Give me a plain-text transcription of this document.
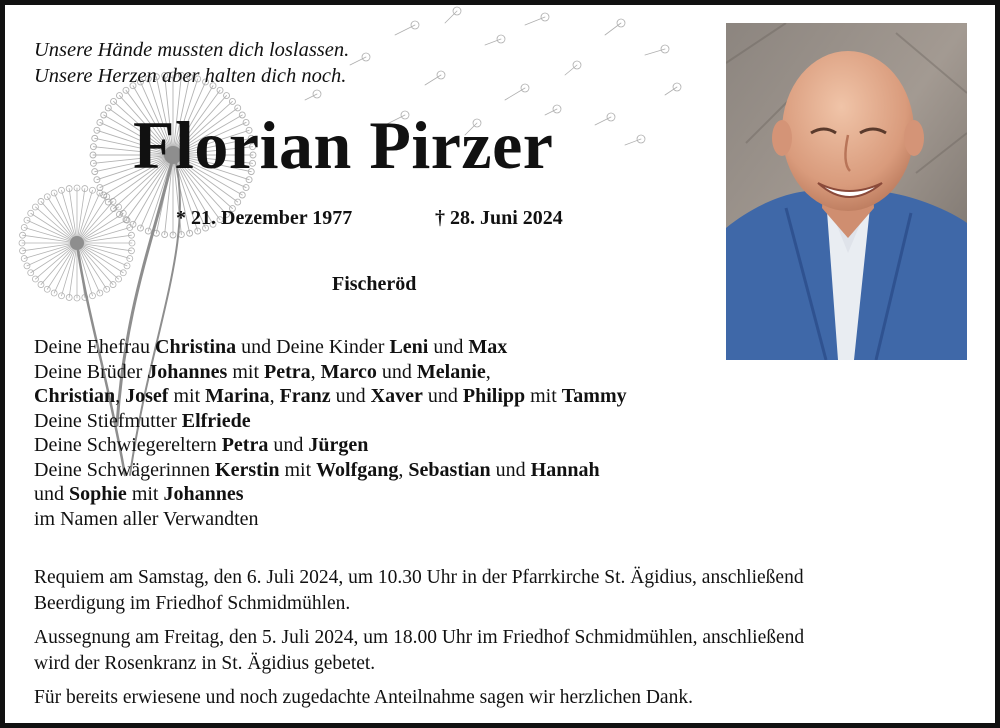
Unsere Hände mussten dich loslassen.
Unsere Herzen aber halten dich noch.
Florian Pirzer
* 21. Dezember 1977	† 28. Juni 2024
Fischeröd
Deine Ehefrau Christina und Deine Kinder Leni und Max
Deine Brüder Johannes mit Petra, Marco und Melanie,
Christian, Josef mit Marina, Franz und Xaver und Philipp mit Tammy
Deine Stiefmutter Elfriede
Deine Schwiegereltern Petra und Jürgen
Deine Schwägerinnen Kerstin mit Wolfgang, Sebastian und Hannah
und Sophie mit Johannes
im Namen aller Verwandten

Requiem am Samstag, den 6. Juli 2024, um 10.30 Uhr in der Pfarrkirche St. Ägidius, anschließend
Beerdigung im Friedhof Schmidmühlen.

Aussegnung am Freitag, den 5. Juli 2024, um 18.00 Uhr im Friedhof Schmidmühlen, anschließend
wird der Rosenkranz in St. Ägidius gebetet.

Für bereits erwiesene und noch zugedachte Anteilnahme sagen wir herzlichen Dank.
